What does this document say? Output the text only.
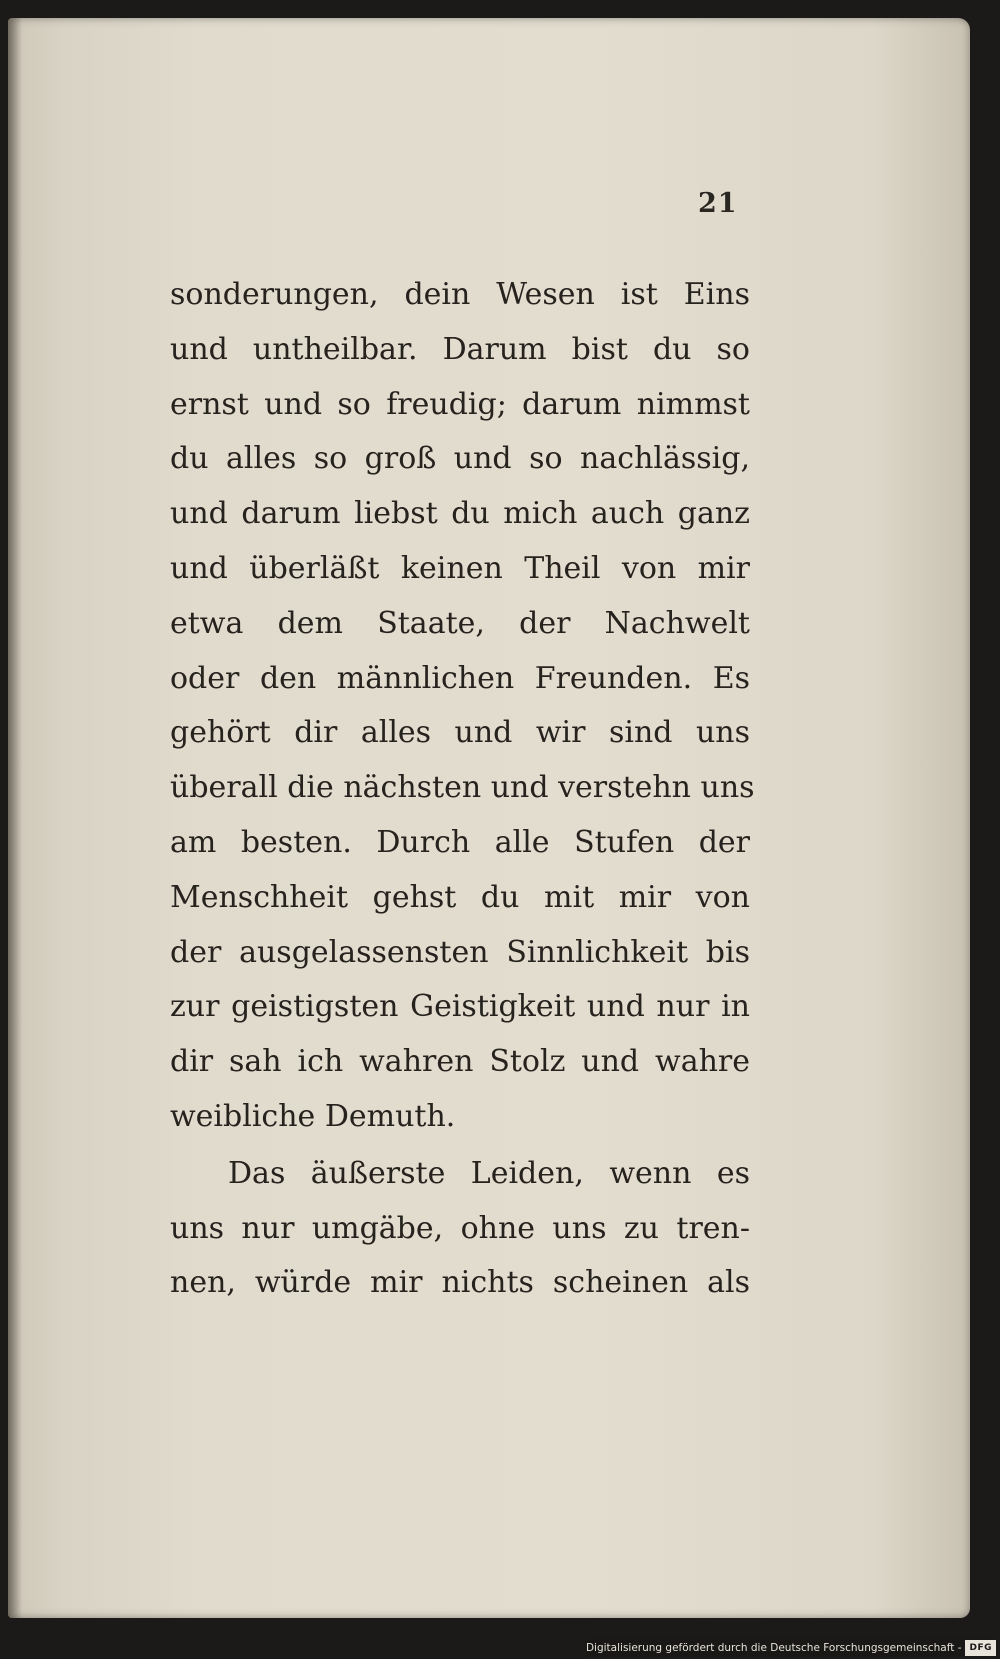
21
sonderungen, dein Wesen ist Eins
und untheilbar. Darum bist du so
ernst und so freudig; darum nimmst
du alles so groß und so nachlässig,
und darum liebst du mich auch ganz
und überläßt keinen Theil von mir
etwa dem Staate, der Nachwelt
oder den männlichen Freunden. Es
gehört dir alles und wir sind uns
überall die nächsten und verstehn uns
am besten. Durch alle Stufen der
Menschheit gehst du mit mir von
der ausgelassensten Sinnlichkeit bis
zur geistigsten Geistigkeit und nur in
dir sah ich wahren Stolz und wahre
weibliche Demuth.
Das äußerste Leiden, wenn es
uns nur umgäbe, ohne uns zu tren-
nen, würde mir nichts scheinen als
Digitalisierung gefördert durch die Deutsche Forschungsgemeinschaft - DFG
